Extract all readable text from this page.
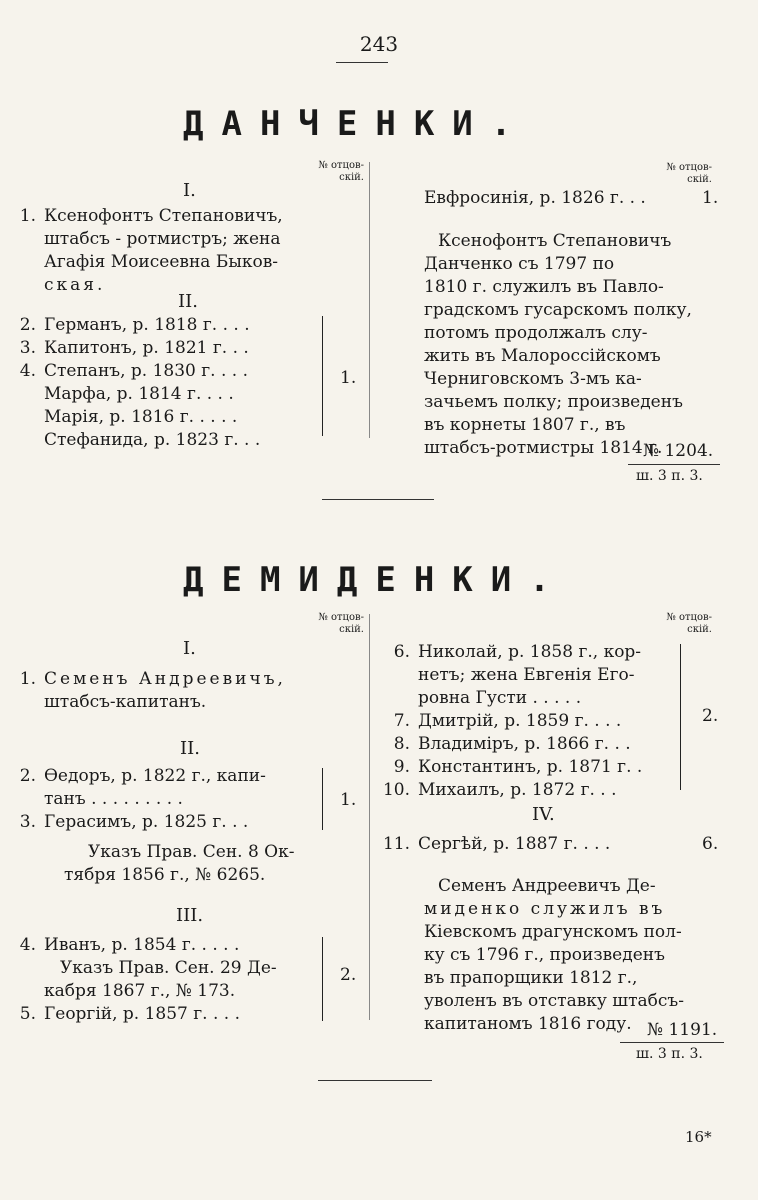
243
ДАНЧЕНКИ.
№ отцов-
скій.
№ отцов-
скій.
I.
1. Ксенофонтъ Степановичъ,
штабсъ - ротмистръ; жена
Агафія Моисеевна Быков-
ская.
II.
2. Германъ, р. 1818 г. . . .
3. Капитонъ, р. 1821 г. . .
4. Степанъ, р. 1830 г. . . .
Марфа, р. 1814 г. . . .
Марія, р. 1816 г. . . . .
Стефанида, р. 1823 г. . .
1.
Евфросинія, р. 1826 г. . .	1.
Ксенофонтъ Степановичъ
Данченко съ 1797 по
1810 г. служилъ въ Павло-
градскомъ гусарскомъ полку,
потомъ продолжалъ слу-
жить въ Малороссійскомъ
Черниговскомъ 3-мъ ка-
зачьемъ полку; произведенъ
въ корнеты 1807 г., въ
штабсъ-ротмистры 1814 г.
№ 1204.
ш. 3 п. 3.
ДЕМИДЕНКИ.
№ отцов-
скій.
№ отцов-
скій.
I.
1. Семенъ Андреевичъ,
штабсъ-капитанъ.
II.
2. Өедоръ, р. 1822 г., капи-
танъ . . . . . . . . .
3. Герасимъ, р. 1825 г. . .
1.
Указъ Прав. Сен. 8 Ок-
тября 1856 г., № 6265.
III.
4. Иванъ, р. 1854 г. . . . .
Указъ Прав. Сен. 29 Де-
кабря 1867 г., № 173.
5. Георгій, р. 1857 г. . . .
2.
6. Николай, р. 1858 г., кор-
нетъ; жена Евгенія Его-
ровна Густи . . . . .
7. Дмитрій, р. 1859 г. . . .
8. Владиміръ, р. 1866 г. . .
9. Константинъ, р. 1871 г. .
10. Михаилъ, р. 1872 г. . .
2.
IV.
11. Сергѣй, р. 1887 г. . . .	6.
Семенъ Андреевичъ Де-
миденко служилъ въ
Кіевскомъ драгунскомъ пол-
ку съ 1796 г., произведенъ
въ прапорщики 1812 г.,
уволенъ въ отставку штабсъ-
капитаномъ 1816 году. № 1191.
ш. 3 п. 3.
16*
